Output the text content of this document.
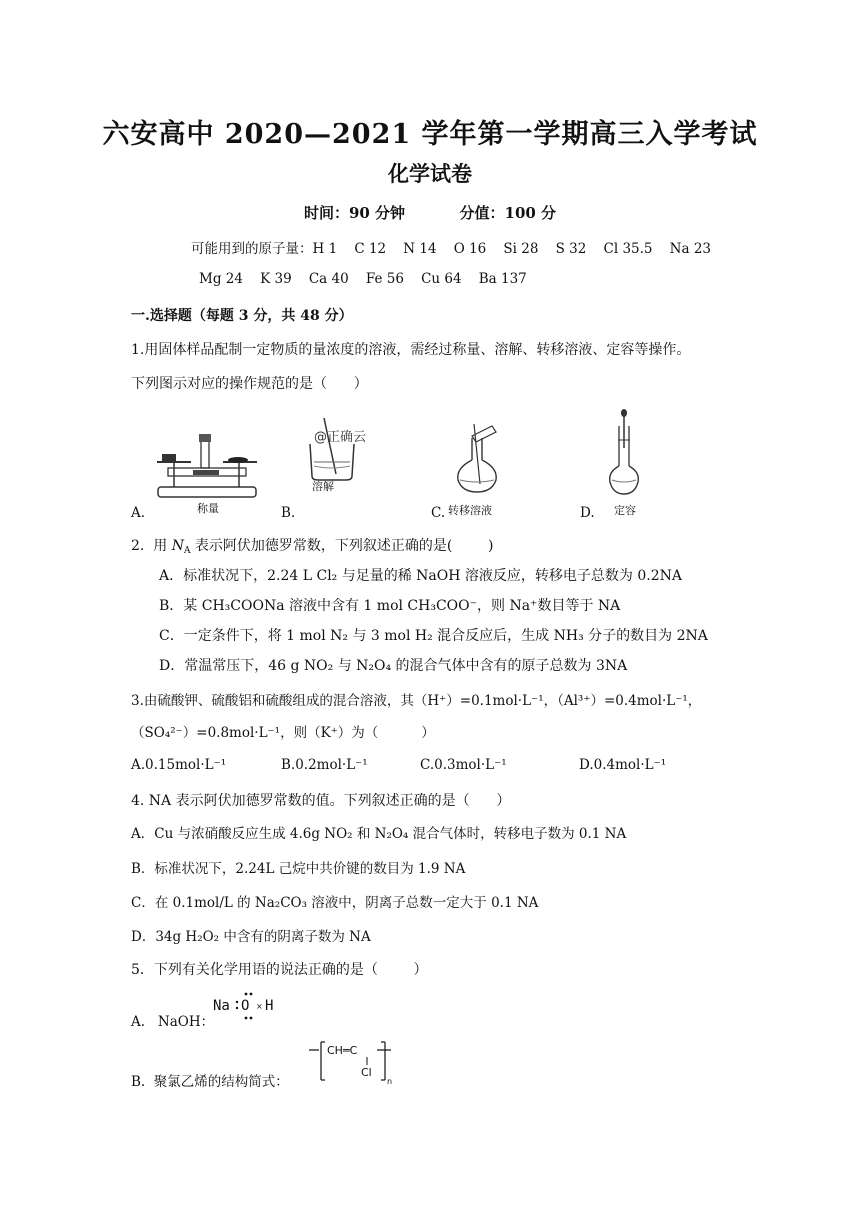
六安高中 2020—2021 学年第一学期高三入学考试
化学试卷
时间：90 分钟	分值：100 分
可能用到的原子量：H 1    C 12    N 14    O 16    Si 28    S 32    Cl 35.5    Na 23
Mg 24    K 39    Ca 40    Fe 56    Cu 64    Ba 137
一.选择题（每题 3 分，共 48 分）
1.用固体样品配制一定物质的量浓度的溶液，需经过称量、溶解、转移溶液、定容等操作。
下列图示对应的操作规范的是（      ）
A.	B.	C.	D.
称量
@正确云
溶解
转移溶液	定容
2.  用 $N_A$ 表示阿伏加德罗常数，下列叙述正确的是(        )
A．标准状况下，2.24 L Cl₂ 与足量的稀 NaOH 溶液反应，转移电子总数为 0.2NA
B．某 CH₃COONa 溶液中含有 1 mol CH₃COO⁻，则 Na⁺数目等于 NA
C．一定条件下，将 1 mol N₂ 与 3 mol H₂ 混合反应后，生成 NH₃ 分子的数目为 2NA
D．常温常压下，46 g NO₂ 与 N₂O₄ 的混合气体中含有的原子总数为 3NA
3.由硫酸钾、硫酸铝和硫酸组成的混合溶液，其（H⁺）=0.1mol·L⁻¹，（Al³⁺）=0.4mol·L⁻¹，
（SO₄²⁻）=0.8mol·L⁻¹，则（K⁺）为（          ）
A.0.15mol·L⁻¹	B.0.2mol·L⁻¹	C.0.3mol·L⁻¹	D.0.4mol·L⁻¹
4. NA 表示阿伏加德罗常数的值。下列叙述正确的是（      ）
A．Cu 与浓硝酸反应生成 4.6g NO₂ 和 N₂O₄ 混合气体时，转移电子数为 0.1 NA
B．标准状况下，2.24L 己烷中共价键的数目为 1.9 NA
C．在 0.1mol/L 的 Na₂CO₃ 溶液中，阴离子总数一定大于 0.1 NA
D．34g H₂O₂ 中含有的阴离子数为 NA
5．下列有关化学用语的说法正确的是（        ）
A.   NaOH：
Na O H
×
B.  聚氯乙烯的结构简式：
CH═C
Cl
n
